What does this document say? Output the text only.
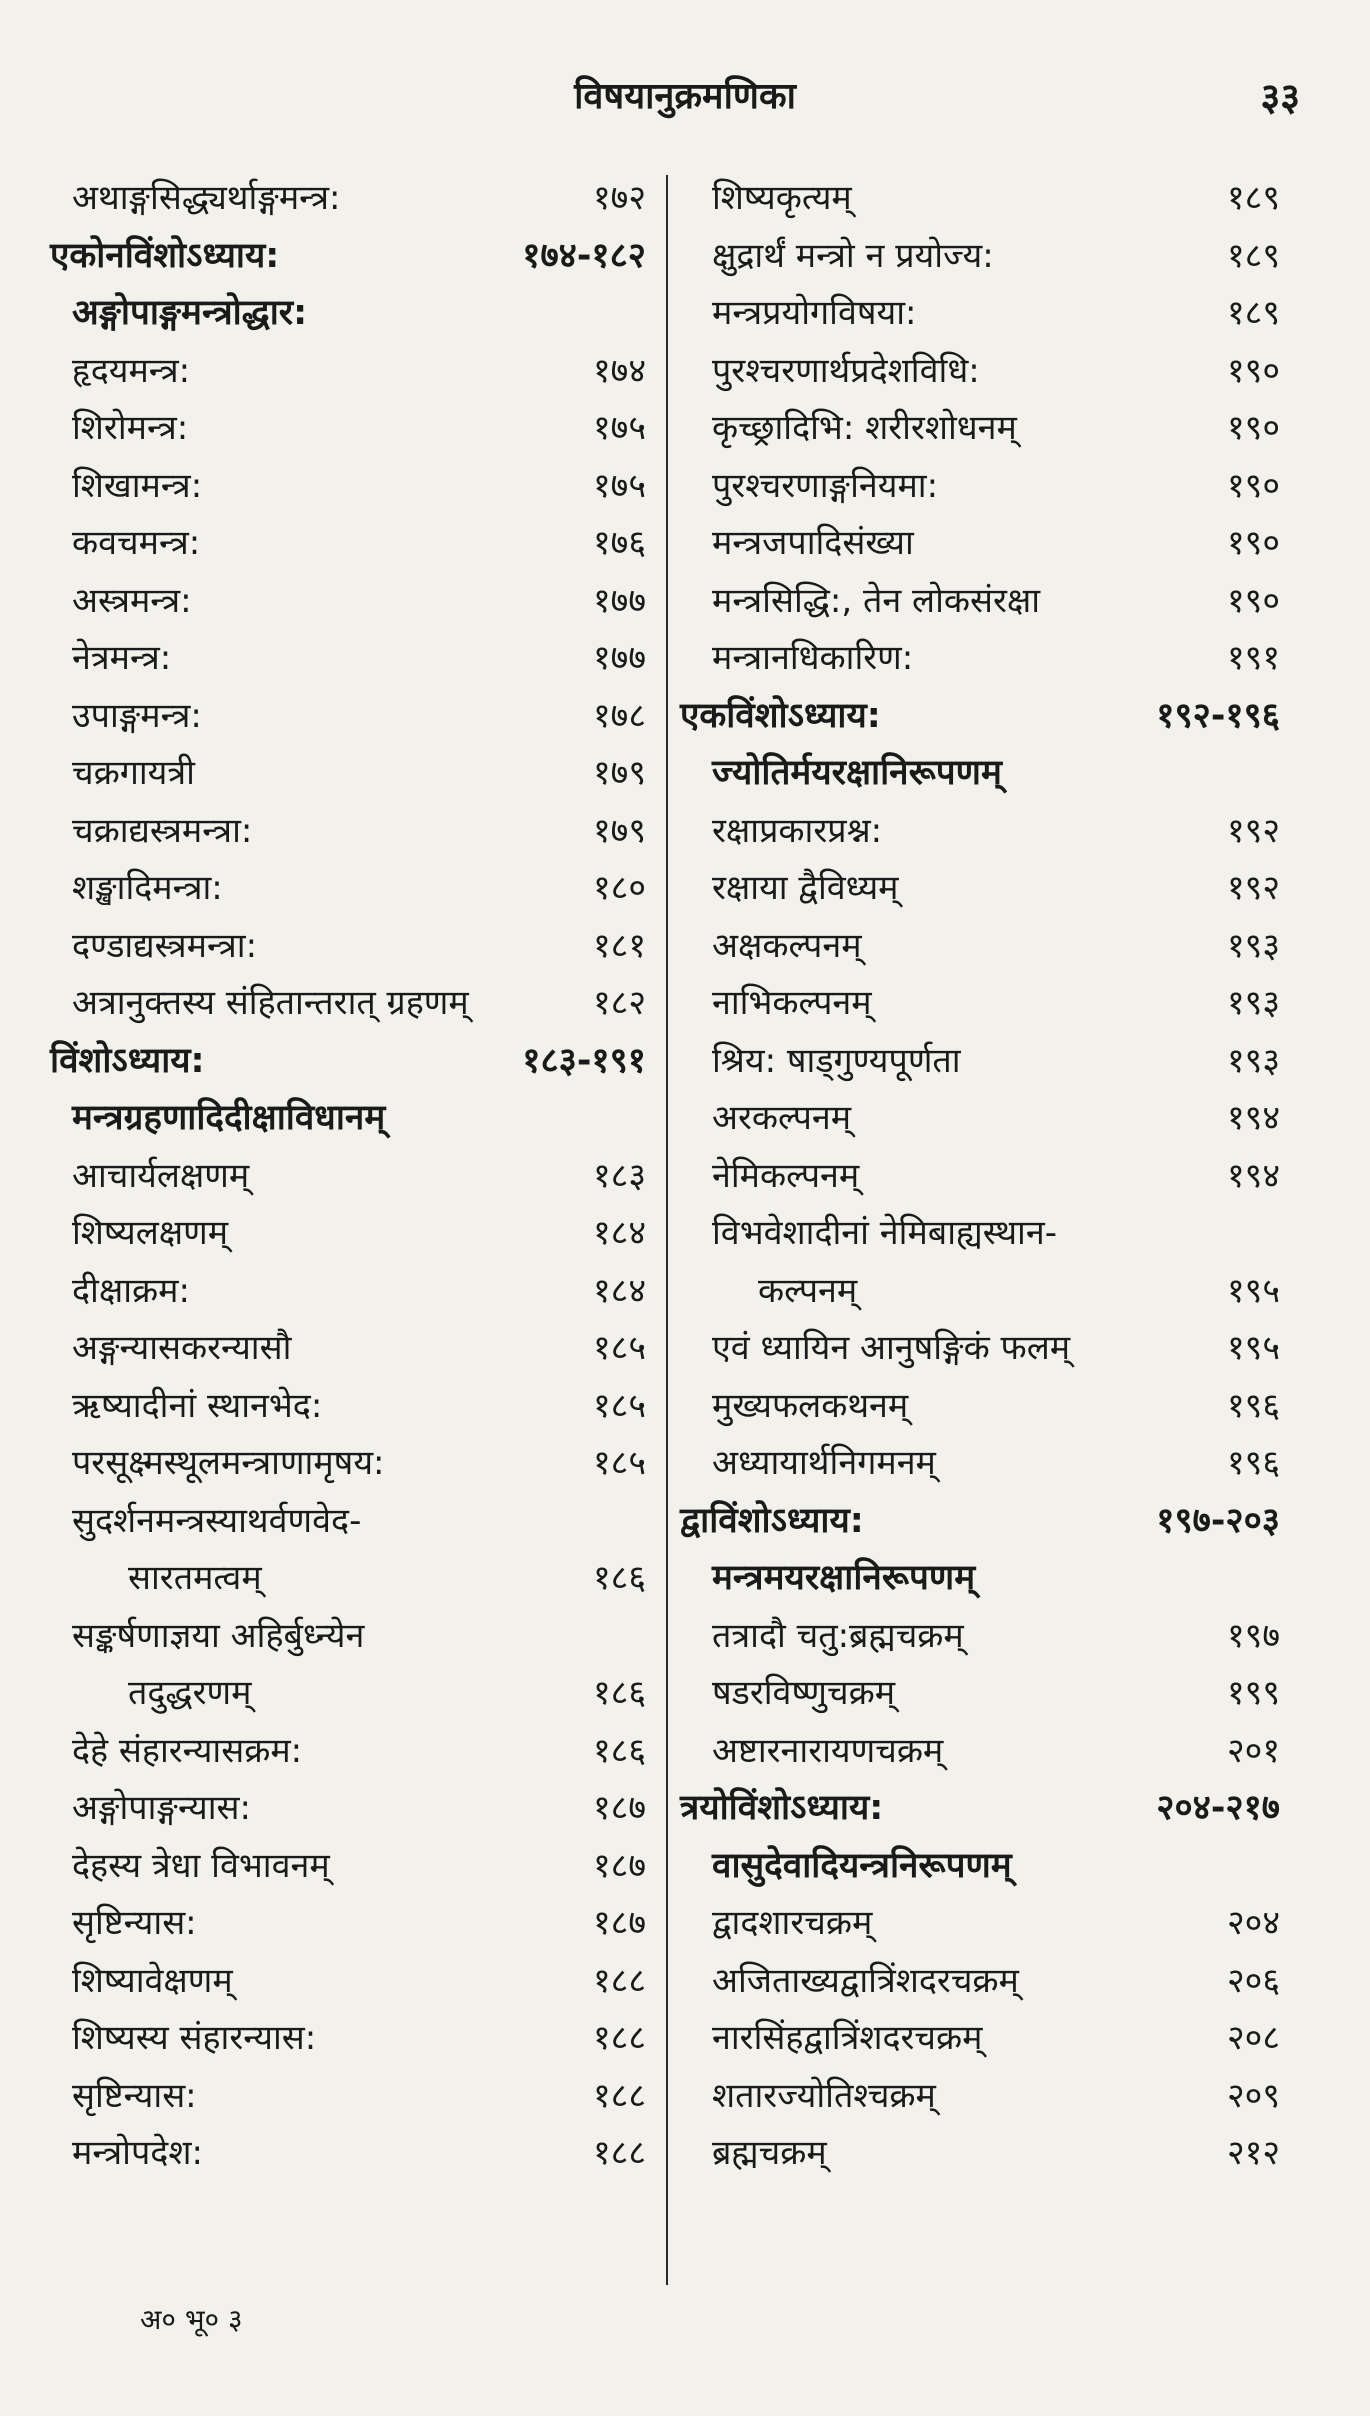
विषयानुक्रमणिका	३३
अथाङ्गसिद्ध्यर्थाङ्गमन्त्र:	१७२
एकोनविंशोऽध्याय:	१७४-१८२
अङ्गोपाङ्गमन्त्रोद्धार:
हृदयमन्त्र:	१७४
शिरोमन्त्र:	१७५
शिखामन्त्र:	१७५
कवचमन्त्र:	१७६
अस्त्रमन्त्र:	१७७
नेत्रमन्त्र:	१७७
उपाङ्गमन्त्र:	१७८
चक्रगायत्री	१७९
चक्राद्यस्त्रमन्त्रा:	१७९
शङ्खादिमन्त्रा:	१८०
दण्डाद्यस्त्रमन्त्रा:	१८१
अत्रानुक्तस्य संहितान्तरात् ग्रहणम्	१८२
विंशोऽध्याय:	१८३-१९१
मन्त्रग्रहणादिदीक्षाविधानम्
आचार्यलक्षणम्	१८३
शिष्यलक्षणम्	१८४
दीक्षाक्रम:	१८४
अङ्गन्यासकरन्यासौ	१८५
ऋष्यादीनां स्थानभेद:	१८५
परसूक्ष्मस्थूलमन्त्राणामृषय:	१८५
सुदर्शनमन्त्रस्याथर्वणवेद-
सारतमत्वम्	१८६
सङ्कर्षणाज्ञया अहिर्बुध्न्येन
तदुद्धरणम्	१८६
देहे संहारन्यासक्रम:	१८६
अङ्गोपाङ्गन्यास:	१८७
देहस्य त्रेधा विभावनम्	१८७
सृष्टिन्यास:	१८७
शिष्यावेक्षणम्	१८८
शिष्यस्य संहारन्यास:	१८८
सृष्टिन्यास:	१८८
मन्त्रोपदेश:	१८८
शिष्यकृत्यम्	१८९
क्षुद्रार्थं मन्त्रो न प्रयोज्य:	१८९
मन्त्रप्रयोगविषया:	१८९
पुरश्चरणार्थप्रदेशविधि:	१९०
कृच्छ्रादिभि: शरीरशोधनम्	१९०
पुरश्चरणाङ्गनियमा:	१९०
मन्त्रजपादिसंख्या	१९०
मन्त्रसिद्धि:, तेन लोकसंरक्षा	१९०
मन्त्रानधिकारिण:	१९१
एकविंशोऽध्याय:	१९२-१९६
ज्योतिर्मयरक्षानिरूपणम्
रक्षाप्रकारप्रश्न:	१९२
रक्षाया द्वैविध्यम्	१९२
अक्षकल्पनम्	१९३
नाभिकल्पनम्	१९३
श्रिय: षाड्गुण्यपूर्णता	१९३
अरकल्पनम्	१९४
नेमिकल्पनम्	१९४
विभवेशादीनां नेमिबाह्यस्थान-
कल्पनम्	१९५
एवं ध्यायिन आनुषङ्गिकं फलम्	१९५
मुख्यफलकथनम्	१९६
अध्यायार्थनिगमनम्	१९६
द्वाविंशोऽध्याय:	१९७-२०३
मन्त्रमयरक्षानिरूपणम्
तत्रादौ चतु:ब्रह्मचक्रम्	१९७
षडरविष्णुचक्रम्	१९९
अष्टारनारायणचक्रम्	२०१
त्रयोविंशोऽध्याय:	२०४-२१७
वासुदेवादियन्त्रनिरूपणम्
द्वादशारचक्रम्	२०४
अजिताख्यद्वात्रिंशदरचक्रम्	२०६
नारसिंहद्वात्रिंशदरचक्रम्	२०८
शतारज्योतिश्चक्रम्	२०९
ब्रह्मचक्रम्	२१२
अ० भू० ३
